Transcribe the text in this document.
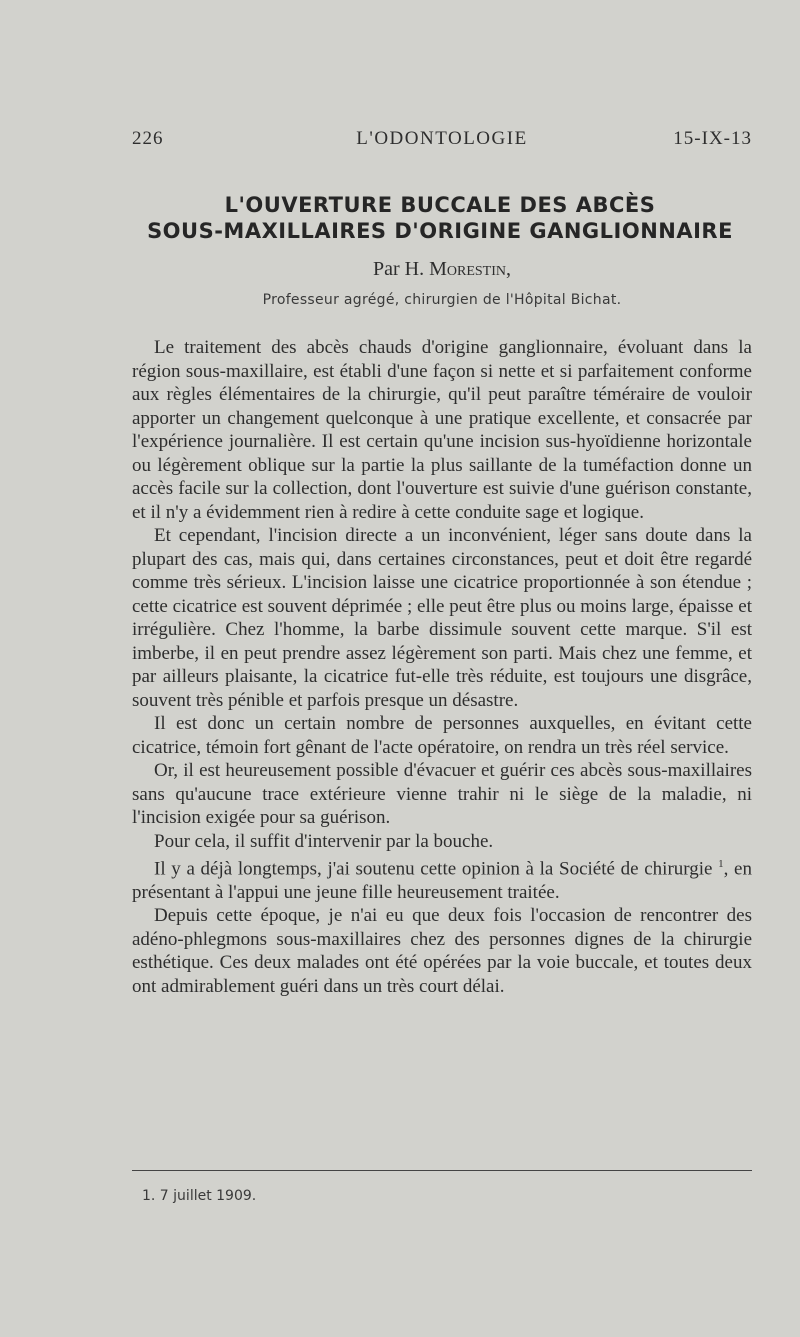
226	L'ODONTOLOGIE	15-IX-13
L'OUVERTURE BUCCALE DES ABCÈS
SOUS-MAXILLAIRES D'ORIGINE GANGLIONNAIRE
Par H. Morestin,
Professeur agrégé, chirurgien de l'Hôpital Bichat.

Le traitement des abcès chauds d'origine ganglionnaire, évoluant dans la région sous-maxillaire, est établi d'une façon si nette et si parfaitement conforme aux règles élémentaires de la chirurgie, qu'il peut paraître téméraire de vouloir apporter un changement quelconque à une pratique excellente, et consacrée par l'expérience journalière. Il est certain qu'une incision sus-hyoïdienne horizontale ou légèrement oblique sur la partie la plus saillante de la tuméfaction donne un accès facile sur la collection, dont l'ouverture est suivie d'une guérison constante, et il n'y a évidemment rien à redire à cette conduite sage et logique.

Et cependant, l'incision directe a un inconvénient, léger sans doute dans la plupart des cas, mais qui, dans certaines circonstances, peut et doit être regardé comme très sérieux. L'incision laisse une cicatrice proportionnée à son étendue ; cette cicatrice est souvent déprimée ; elle peut être plus ou moins large, épaisse et irrégulière. Chez l'homme, la barbe dissimule souvent cette marque. S'il est imberbe, il en peut prendre assez légèrement son parti. Mais chez une femme, et par ailleurs plaisante, la cicatrice fut-elle très réduite, est toujours une disgrâce, souvent très pénible et parfois presque un désastre.

Il est donc un certain nombre de personnes auxquelles, en évitant cette cicatrice, témoin fort gênant de l'acte opératoire, on rendra un très réel service.

Or, il est heureusement possible d'évacuer et guérir ces abcès sous-maxillaires sans qu'aucune trace extérieure vienne trahir ni le siège de la maladie, ni l'incision exigée pour sa guérison.

Pour cela, il suffit d'intervenir par la bouche.

Il y a déjà longtemps, j'ai soutenu cette opinion à la Société de chirurgie $^1$, en présentant à l'appui une jeune fille heureusement traitée.

Depuis cette époque, je n'ai eu que deux fois l'occasion de rencontrer des adéno-phlegmons sous-maxillaires chez des personnes dignes de la chirurgie esthétique. Ces deux malades ont été opérées par la voie buccale, et toutes deux ont admirablement guéri dans un très court délai.

1. 7 juillet 1909.
